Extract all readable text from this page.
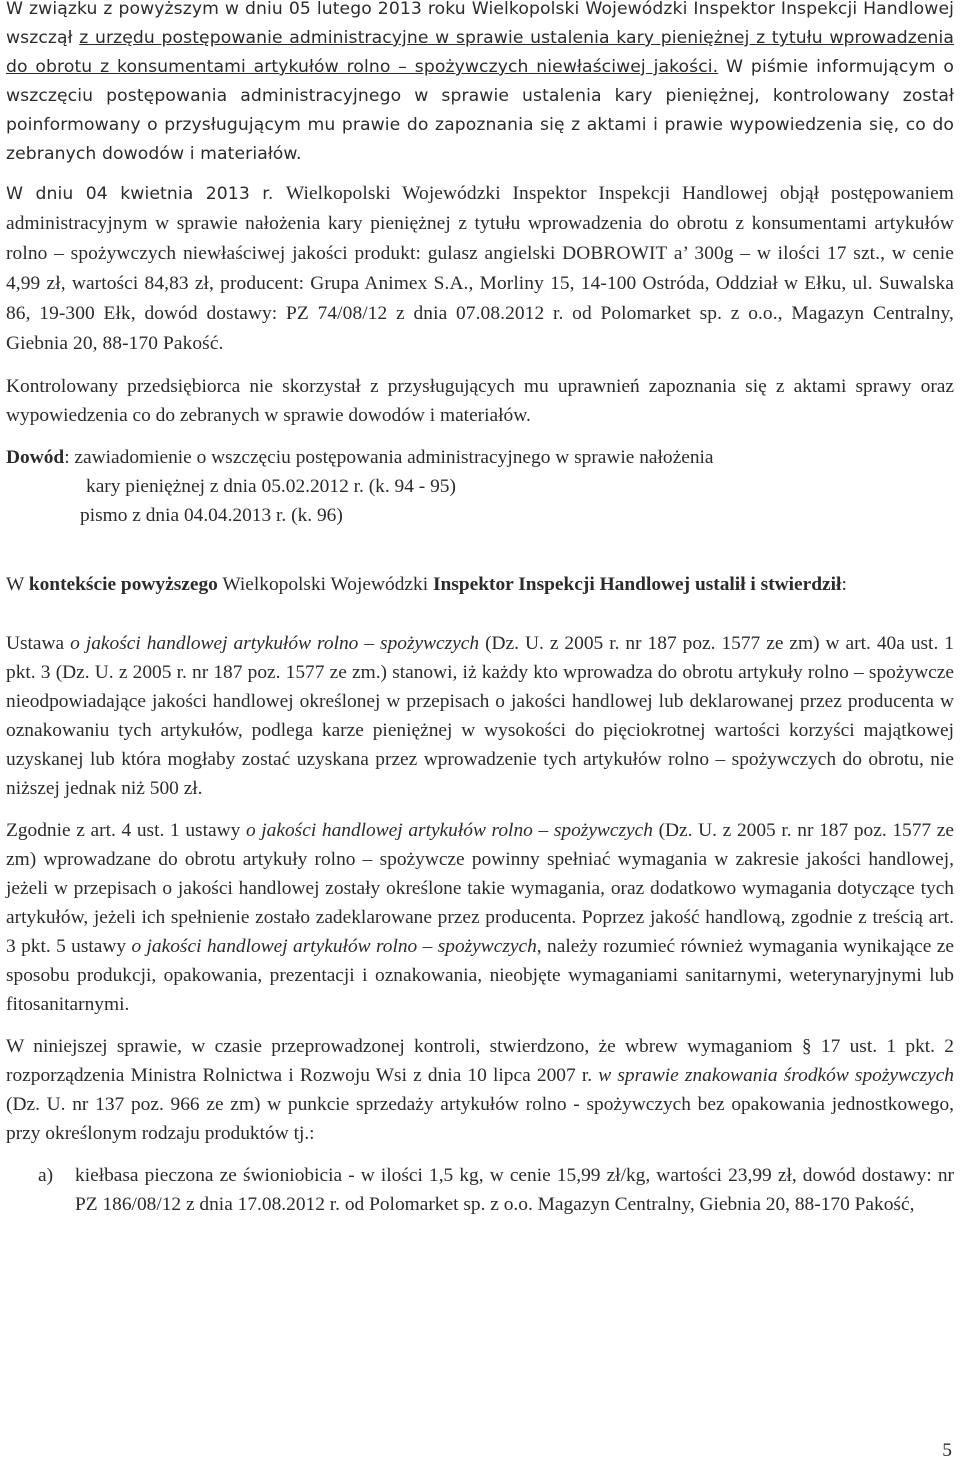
W związku z powyższym w dniu 05 lutego 2013 roku Wielkopolski Wojewódzki Inspektor Inspekcji Handlowej wszczął z urzędu postępowanie administracyjne w sprawie ustalenia kary pieniężnej z tytułu wprowadzenia do obrotu z konsumentami artykułów rolno – spożywczych niewłaściwej jakości. W piśmie informującym o wszczęciu postępowania administracyjnego w sprawie ustalenia kary pieniężnej, kontrolowany został poinformowany o przysługującym mu prawie do zapoznania się z aktami i prawie wypowiedzenia się, co do zebranych dowodów i materiałów.

W dniu 04 kwietnia 2013 r. Wielkopolski Wojewódzki Inspektor Inspekcji Handlowej objął postępowaniem administracyjnym w sprawie nałożenia kary pieniężnej z tytułu wprowadzenia do obrotu z konsumentami artykułów rolno – spożywczych niewłaściwej jakości produkt: gulasz angielski DOBROWIT a’ 300g – w ilości 17 szt., w cenie 4,99 zł, wartości 84,83 zł, producent: Grupa Animex S.A., Morliny 15, 14-100 Ostróda, Oddział w Ełku, ul. Suwalska 86, 19-300 Ełk, dowód dostawy: PZ 74/08/12 z dnia 07.08.2012 r. od Polomarket sp. z o.o., Magazyn Centralny, Giebnia 20, 88-170 Pakość.

Kontrolowany przedsiębiorca nie skorzystał z przysługujących mu uprawnień zapoznania się z aktami sprawy oraz wypowiedzenia co do zebranych w sprawie dowodów i materiałów.

Dowód: zawiadomienie o wszczęciu postępowania administracyjnego w sprawie nałożenia
kary pieniężnej z dnia 05.02.2012 r. (k. 94 - 95)
pismo z dnia 04.04.2013 r. (k. 96)

W kontekście powyższego Wielkopolski Wojewódzki Inspektor Inspekcji Handlowej ustalił i stwierdził:

Ustawa o jakości handlowej artykułów rolno – spożywczych (Dz. U. z 2005 r. nr 187 poz. 1577 ze zm) w art. 40a ust. 1 pkt. 3 (Dz. U. z 2005 r. nr 187 poz. 1577 ze zm.) stanowi, iż każdy kto wprowadza do obrotu artykuły rolno – spożywcze nieodpowiadające jakości handlowej określonej w przepisach o jakości handlowej lub deklarowanej przez producenta w oznakowaniu tych artykułów, podlega karze pieniężnej w wysokości do pięciokrotnej wartości korzyści majątkowej uzyskanej lub która mogłaby zostać uzyskana przez wprowadzenie tych artykułów rolno – spożywczych do obrotu, nie niższej jednak niż 500 zł.

Zgodnie z art. 4 ust. 1 ustawy o jakości handlowej artykułów rolno – spożywczych (Dz. U. z 2005 r. nr 187 poz. 1577 ze zm) wprowadzane do obrotu artykuły rolno – spożywcze powinny spełniać wymagania w zakresie jakości handlowej, jeżeli w przepisach o jakości handlowej zostały określone takie wymagania, oraz dodatkowo wymagania dotyczące tych artykułów, jeżeli ich spełnienie zostało zadeklarowane przez producenta. Poprzez jakość handlową, zgodnie z treścią art. 3 pkt. 5 ustawy o jakości handlowej artykułów rolno – spożywczych, należy rozumieć również wymagania wynikające ze sposobu produkcji, opakowania, prezentacji i oznakowania, nieobjęte wymaganiami sanitarnymi, weterynaryjnymi lub fitosanitarnymi.

W niniejszej sprawie, w czasie przeprowadzonej kontroli, stwierdzono, że wbrew wymaganiom § 17 ust. 1 pkt. 2 rozporządzenia Ministra Rolnictwa i Rozwoju Wsi z dnia 10 lipca 2007 r. w sprawie znakowania środków spożywczych (Dz. U. nr 137 poz. 966 ze zm) w punkcie sprzedaży artykułów rolno - spożywczych bez opakowania jednostkowego, przy określonym rodzaju produktów tj.:

a) kiełbasa pieczona ze świoniobicia - w ilości 1,5 kg, w cenie 15,99 zł/kg, wartości 23,99 zł, dowód dostawy: nr PZ 186/08/12 z dnia 17.08.2012 r. od Polomarket sp. z o.o. Magazyn Centralny, Giebnia 20, 88-170 Pakość,
5
